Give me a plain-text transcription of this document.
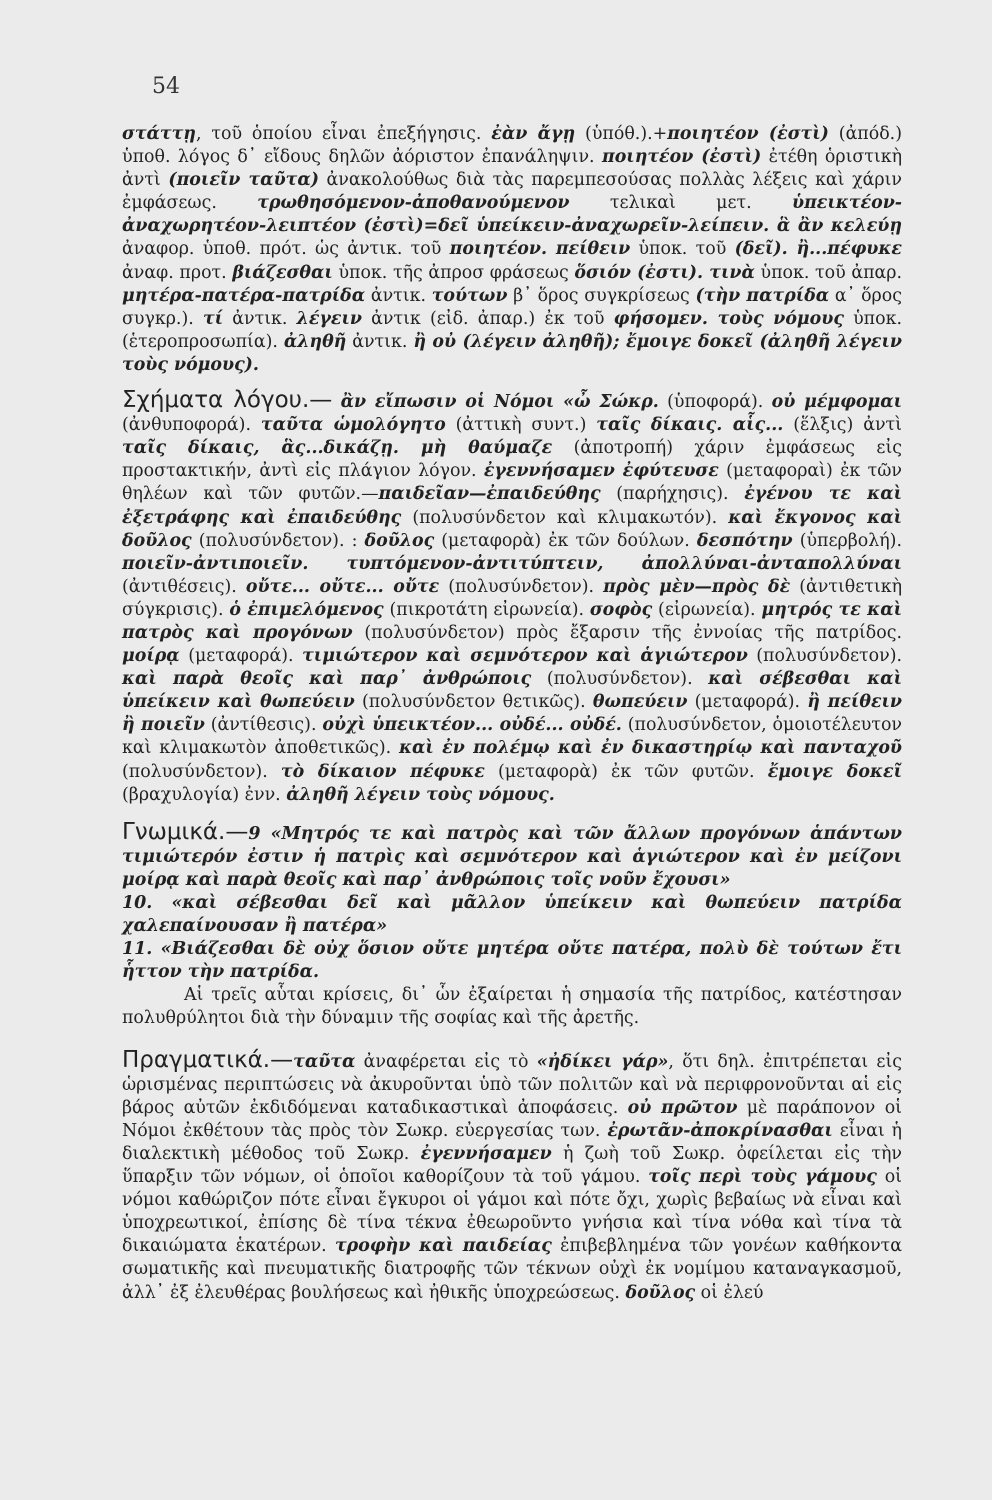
54

στάττῃ, τοῦ ὁποίου εἶναι ἐπεξήγησις. ἐὰν ἄγῃ (ὑπόθ.).+ποιητέον (ἐστὶ) (ἀπόδ.) ὑποθ. λόγος δ᾽ εἴδους δηλῶν ἀόριστον ἐπανάληψιν. ποιητέον (ἐστὶ) ἐτέθη ὁριστικὴ ἀντὶ (ποιεῖν ταῦτα) ἀνακολούθως διὰ τὰς παρεμπεσούσας πολλὰς λέξεις καὶ χάριν ἐμφάσεως. τρωθησόμενον-ἀποθανούμενον τελικαὶ μετ. ὑπεικτέον-ἀναχωρητέον-λειπτέον (ἐστὶ)=δεῖ ὑπείκειν-ἀναχωρεῖν-λείπειν. ἃ ἂν κελεύῃ ἀναφορ. ὑποθ. πρότ. ὡς ἀντικ. τοῦ ποιητέον. πείθειν ὑποκ. τοῦ (δεῖ). ἢ...πέφυκε ἀναφ. προτ. βιάζεσθαι ὑποκ. τῆς ἀπροσ φράσεως ὅσιόν (ἐστι). τινὰ ὑποκ. τοῦ ἀπαρ. μητέρα-πατέρα-πατρίδα ἀντικ. τούτων β᾽ ὅρος συγκρίσεως (τὴν πατρίδα α᾽ ὅρος συγκρ.). τί ἀντικ. λέγειν ἀντικ (εἰδ. ἀπαρ.) ἐκ τοῦ φήσομεν. τοὺς νόμους ὑποκ. (ἑτεροπροσωπία). ἀληθῆ ἀντικ. ἢ οὐ (λέγειν ἀληθῆ); ἔμοιγε δοκεῖ (ἀληθῆ λέγειν τοὺς νόμους).

Σχήματα λόγου.— ἂν εἴπωσιν οἱ Νόμοι «ὦ Σώκρ. (ὑποφορά). οὐ μέμφομαι (ἀνθυποφορά). ταῦτα ὡμολόγητο (ἀττικὴ συντ.) ταῖς δίκαις. αἷς... (ἕλξις) ἀντὶ ταῖς δίκαις, ἃς...δικάζῃ. μὴ θαύμαζε (ἀποτροπή) χάριν ἐμφάσεως εἰς προστακτικήν, ἀντὶ εἰς πλάγιον λόγον. ἐγεννήσαμεν ἐφύτευσε (μεταφοραὶ) ἐκ τῶν θηλέων καὶ τῶν φυτῶν.—παιδεῖαν—ἐπαιδεύθης (παρήχησις). ἐγένου τε καὶ ἐξετράφης καὶ ἐπαιδεύθης (πολυσύνδετον καὶ κλιμακωτόν). καὶ ἔκγονος καὶ δοῦλος (πολυσύνδετον). : δοῦλος (μεταφορὰ) ἐκ τῶν δούλων. δεσπότην (ὑπερβολή). ποιεῖν-ἀντιποιεῖν. τυπτόμενον-ἀντιτύπτειν, ἀπολλύναι-ἀνταπολλύναι (ἀντιθέσεις). οὔτε... οὔτε... οὔτε (πολυσύνδετον). πρὸς μὲν—πρὸς δὲ (ἀντιθετικὴ σύγκρισις). ὁ ἐπιμελόμενος (πικροτάτη εἰρωνεία). σοφὸς (εἰρωνεία). μητρός τε καὶ πατρὸς καὶ προγόνων (πολυσύνδετον) πρὸς ἔξαρσιν τῆς ἐννοίας τῆς πατρίδος. μοίρᾳ (μεταφορά). τιμιώτερον καὶ σεμνότερον καὶ ἁγιώτερον (πολυσύνδετον). καὶ παρὰ θεοῖς καὶ παρ᾽ ἀνθρώποις (πολυσύνδετον). καὶ σέβεσθαι καὶ ὑπείκειν καὶ θωπεύειν (πολυσύνδετον θετικῶς). θωπεύειν (μεταφορά). ἢ πείθειν ἢ ποιεῖν (ἀντίθεσις). οὐχὶ ὑπεικτέον... οὐδέ... οὐδέ. (πολυσύνδετον, ὁμοιοτέλευτον καὶ κλιμακωτὸν ἀποθετικῶς). καὶ ἐν πολέμῳ καὶ ἐν δικαστηρίῳ καὶ πανταχοῦ (πολυσύνδετον). τὸ δίκαιον πέφυκε (μεταφορὰ) ἐκ τῶν φυτῶν. ἔμοιγε δοκεῖ (βραχυλογία) ἐνν. ἀληθῆ λέγειν τοὺς νόμους.

Γνωμικά.—9 «Μητρός τε καὶ πατρὸς καὶ τῶν ἄλλων προγόνων ἁπάντων τιμιώτερόν ἐστιν ἡ πατρὶς καὶ σεμνότερον καὶ ἁγιώτερον καὶ ἐν μείζονι μοίρᾳ καὶ παρὰ θεοῖς καὶ παρ᾽ ἀνθρώποις τοῖς νοῦν ἔχουσι»

10. «καὶ σέβεσθαι δεῖ καὶ μᾶλλον ὑπείκειν καὶ θωπεύειν πατρίδα χαλεπαίνουσαν ἢ πατέρα»

11. «Βιάζεσθαι δὲ οὐχ ὅσιον οὔτε μητέρα οὔτε πατέρα, πολὺ δὲ τούτων ἔτι ἧττον τὴν πατρίδα.

Αἱ τρεῖς αὗται κρίσεις, δι᾽ ὧν ἐξαίρεται ἡ σημασία τῆς πατρίδος, κατέστησαν πολυθρύλητοι διὰ τὴν δύναμιν τῆς σοφίας καὶ τῆς ἀρετῆς.

Πραγματικά.—ταῦτα ἀναφέρεται εἰς τὸ «ἠδίκει γάρ», ὅτι δηλ. ἐπιτρέπεται εἰς ὡρισμένας περιπτώσεις νὰ ἀκυροῦνται ὑπὸ τῶν πολιτῶν καὶ νὰ περιφρονοῦνται αἱ εἰς βάρος αὐτῶν ἐκδιδόμεναι καταδικαστικαὶ ἀποφάσεις. οὐ πρῶτον μὲ παράπονον οἱ Νόμοι ἐκθέτουν τὰς πρὸς τὸν Σωκρ. εὐεργεσίας των. ἐρωτᾶν-ἀποκρίνασθαι εἶναι ἡ διαλεκτικὴ μέθοδος τοῦ Σωκρ. ἐγεννήσαμεν ἡ ζωὴ τοῦ Σωκρ. ὀφείλεται εἰς τὴν ὕπαρξιν τῶν νόμων, οἱ ὁποῖοι καθορίζουν τὰ τοῦ γάμου. τοῖς περὶ τοὺς γάμους οἱ νόμοι καθώριζον πότε εἶναι ἔγκυροι οἱ γάμοι καὶ πότε ὄχι, χωρὶς βεβαίως νὰ εἶναι καὶ ὑποχρεωτικοί, ἐπίσης δὲ τίνα τέκνα ἐθεωροῦντο γνήσια καὶ τίνα νόθα καὶ τίνα τὰ δικαιώματα ἑκατέρων. τροφὴν καὶ παιδείας ἐπιβεβλημένα τῶν γονέων καθήκοντα σωματικῆς καὶ πνευματικῆς διατροφῆς τῶν τέκνων οὐχὶ ἐκ νομίμου καταναγκασμοῦ, ἀλλ᾽ ἐξ ἐλευθέρας βουλήσεως καὶ ἠθικῆς ὑποχρεώσεως. δοῦλος οἱ ἐλεύ
